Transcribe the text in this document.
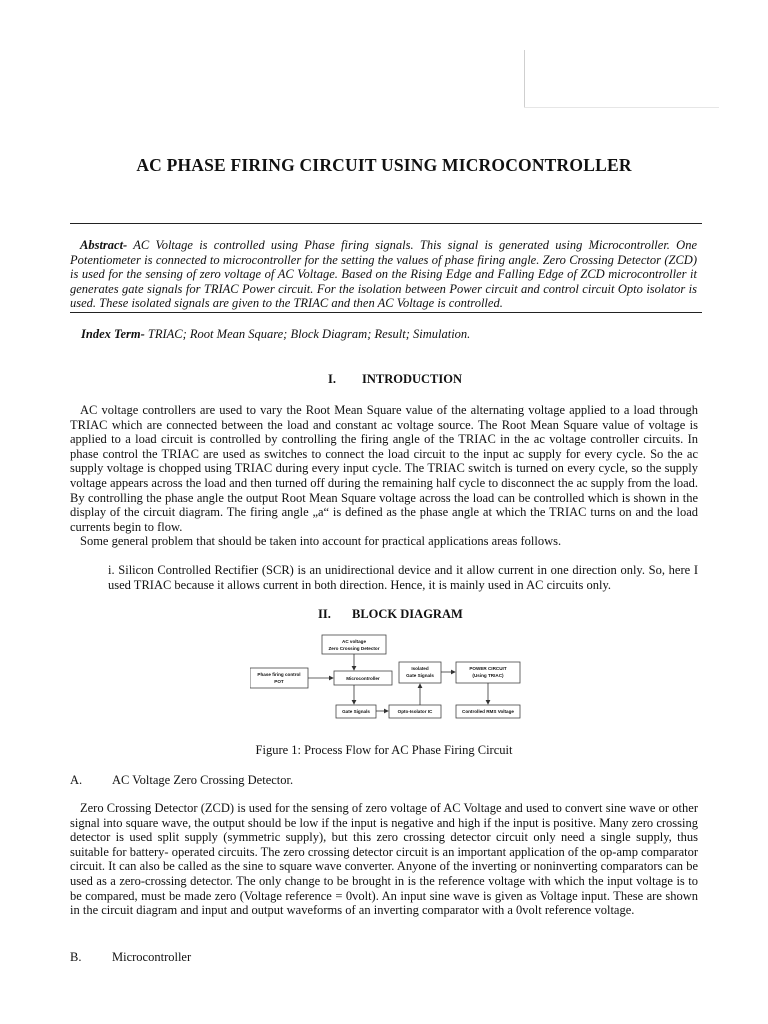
AC PHASE FIRING CIRCUIT USING MICROCONTROLLER
Abstract- AC Voltage is controlled using Phase firing signals. This signal is generated using Microcontroller. One Potentiometer is connected to microcontroller for the setting the values of phase firing angle. Zero Crossing Detector (ZCD) is used for the sensing of zero voltage of AC Voltage. Based on the Rising Edge and Falling Edge of ZCD microcontroller it generates gate signals for TRIAC Power circuit. For the isolation between Power circuit and control circuit Opto isolator is used. These isolated signals are given to the TRIAC and then AC Voltage is controlled.
Index Term- TRIAC; Root Mean Square; Block Diagram; Result; Simulation.
I. INTRODUCTION
AC voltage controllers are used to vary the Root Mean Square value of the alternating voltage applied to a load through TRIAC which are connected between the load and constant ac voltage source. The Root Mean Square value of voltage is applied to a load circuit is controlled by controlling the firing angle of the TRIAC in the ac voltage controller circuits. In phase control the TRIAC are used as switches to connect the load circuit to the input ac supply for every cycle. So the ac supply voltage is chopped using TRIAC during every input cycle. The TRIAC switch is turned on every cycle, so the supply voltage appears across the load and then turned off during the remaining half cycle to disconnect the ac supply from the load. By controlling the phase angle the output Root Mean Square voltage across the load can be controlled which is shown in the display of the circuit diagram. The firing angle „a“ is defined as the phase angle at which the TRIAC turns on and the load currents begin to flow.
Some general problem that should be taken into account for practical applications areas follows.
i. Silicon Controlled Rectifier (SCR) is an unidirectional device and it allow current in one direction only. So, here I used TRIAC because it allows current in both direction. Hence, it is mainly used in AC circuits only.
II. BLOCK DIAGRAM
AC voltage
Zero Crossing Detector
Phase firing control
POT
Microcontroller
Isolated
Gate Signals
POWER CIRCUIT
(Using TRIAC)
Gate Signals	Opto-Isolator IC	Controlled RMS Voltage
Figure 1: Process Flow for AC Phase Firing Circuit
A. AC Voltage Zero Crossing Detector.
Zero Crossing Detector (ZCD) is used for the sensing of zero voltage of AC Voltage and used to convert sine wave or other signal into square wave, the output should be low if the input is negative and high if the input is positive. Many zero crossing detector is used split supply (symmetric supply), but this zero crossing detector circuit only need a single supply, thus suitable for battery- operated circuits. The zero crossing detector circuit is an important application of the op-amp comparator circuit. It can also be called as the sine to square wave converter. Anyone of the inverting or noninverting comparators can be used as a zero-crossing detector. The only change to be brought in is the reference voltage with which the input voltage is to be compared, must be made zero (Voltage reference = 0volt). An input sine wave is given as Voltage input. These are shown in the circuit diagram and input and output waveforms of an inverting comparator with a 0volt reference voltage.
B. Microcontroller
